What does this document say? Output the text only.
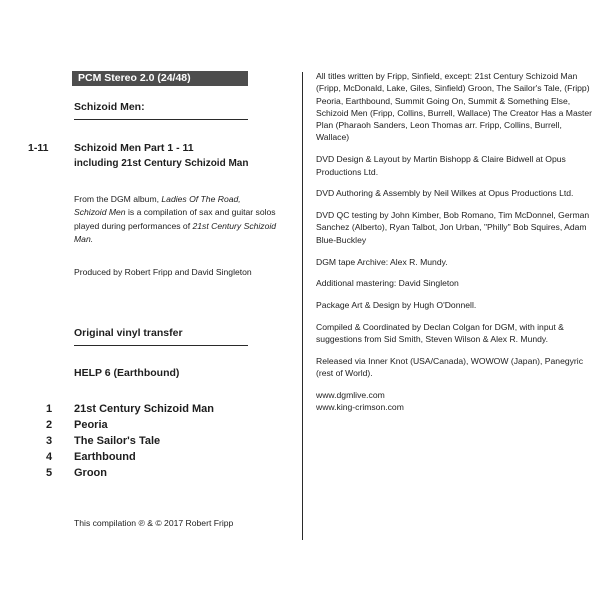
PCM Stereo 2.0 (24/48)
Schizoid Men:
1-11 Schizoid Men Part 1 - 11
including 21st Century Schizoid Man
From the DGM album, Ladies Of The Road,
Schizoid Men is a compilation of sax and guitar solos played during performances of 21st Century Schizoid Man.
Produced by Robert Fripp and David Singleton
Original vinyl transfer
HELP 6 (Earthbound)
1 21st Century Schizoid Man
2 Peoria
3 The Sailor's Tale
4 Earthbound
5 Groon
This compilation ℗ & © 2017 Robert Fripp

All titles written by Fripp, Sinfield, except: 21st Century Schizoid Man (Fripp, McDonald, Lake, Giles, Sinfield) Groon, The Sailor's Tale, (Fripp) Peoria, Earthbound, Summit Going On, Summit & Something Else, Schizoid Men (Fripp, Collins, Burrell, Wallace) The Creator Has a Master Plan (Pharaoh Sanders, Leon Thomas arr. Fripp, Collins, Burrell, Wallace)

DVD Design & Layout by Martin Bishopp & Claire Bidwell at Opus Productions Ltd.

DVD Authoring & Assembly by Neil Wilkes at Opus Productions Ltd.

DVD QC testing by John Kimber, Bob Romano, Tim McDonnel, German Sanchez (Alberto), Ryan Talbot, Jon Urban, "Philly" Bob Squires, Adam Blue-Buckley

DGM tape Archive: Alex R. Mundy.

Additional mastering: David Singleton

Package Art & Design by Hugh O'Donnell.

Compiled & Coordinated by Declan Colgan for DGM, with input & suggestions from Sid Smith, Steven Wilson & Alex R. Mundy.

Released via Inner Knot (USA/Canada), WOWOW (Japan), Panegyric (rest of World).

www.dgmlive.com
www.king-crimson.com
